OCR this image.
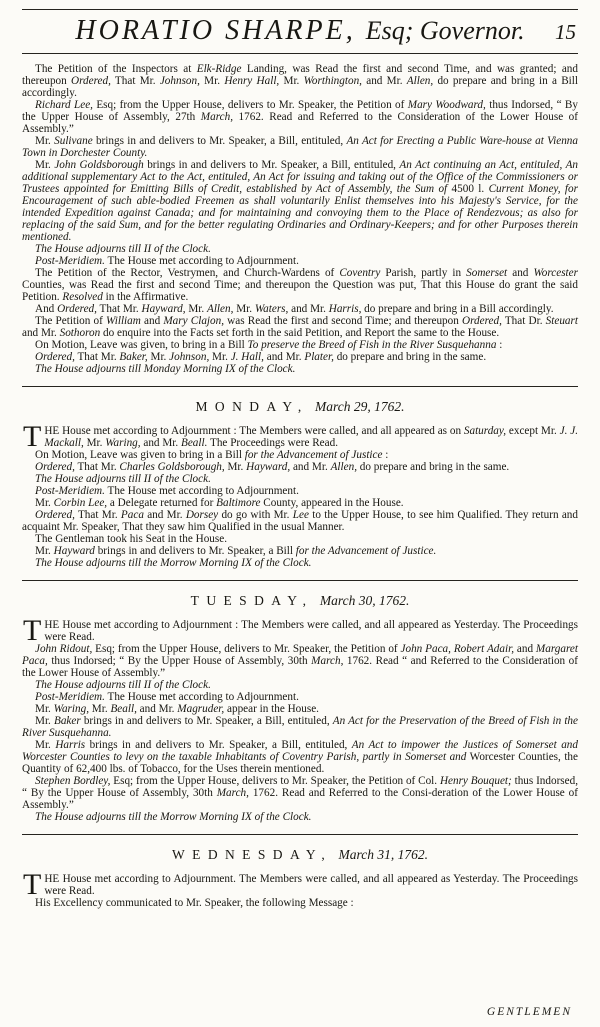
HORATIO SHARPE, Esq; Governor. 15

The Petition of the Inspectors at Elk-Ridge Landing, was Read the first and second Time, and was granted; and thereupon Ordered, That Mr. Johnson, Mr. Henry Hall, Mr. Worthington, and Mr. Allen, do prepare and bring in a Bill accordingly.

Richard Lee, Esq; from the Upper House, delivers to Mr. Speaker, the Petition of Mary Woodward, thus Indorsed, “ By the Upper House of Assembly, 27th March, 1762. Read and Referred to the Consideration of the Lower House of Assembly.”

Mr. Sulivane brings in and delivers to Mr. Speaker, a Bill, entituled, An Act for Erecting a Public Ware-house at Vienna Town in Dorchester County.

Mr. John Goldsborough brings in and delivers to Mr. Speaker, a Bill, entituled, An Act continuing an Act, entituled, An additional supplementary Act to the Act, entituled, An Act for issuing and taking out of the Office of the Commissioners or Trustees appointed for Emitting Bills of Credit, established by Act of Assembly, the Sum of 4500 l. Current Money, for Encouragement of such able-bodied Freemen as shall voluntarily Enlist themselves into his Majesty's Service, for the intended Expedition against Canada; and for maintaining and convoying them to the Place of Rendezvous; as also for replacing of the said Sum, and for the better regulating Ordinaries and Ordinary-Keepers; and for other Purposes therein mentioned.

The House adjourns till II of the Clock.

Post-Meridiem. The House met according to Adjournment.

The Petition of the Rector, Vestrymen, and Church-Wardens of Coventry Parish, partly in Somerset and Worcester Counties, was Read the first and second Time; and thereupon the Question was put, That this House do grant the said Petition. Resolved in the Affirmative.

And Ordered, That Mr. Hayward, Mr. Allen, Mr. Waters, and Mr. Harris, do prepare and bring in a Bill accordingly.

The Petition of William and Mary Clajon, was Read the first and second Time; and thereupon Ordered, That Dr. Steuart and Mr. Sothoron do enquire into the Facts set forth in the said Petition, and Report the same to the House.

On Motion, Leave was given, to bring in a Bill To preserve the Breed of Fish in the River Susquehanna :

Ordered, That Mr. Baker, Mr. Johnson, Mr. J. Hall, and Mr. Plater, do prepare and bring in the same.

The House adjourns till Monday Morning IX of the Clock.

MONDAY, March 29, 1762.

THE House met according to Adjournment : The Members were called, and all appeared as on Saturday, except Mr. J. J. Mackall, Mr. Waring, and Mr. Beall. The Proceedings were Read.

On Motion, Leave was given to bring in a Bill for the Advancement of Justice :

Ordered, That Mr. Charles Goldsborough, Mr. Hayward, and Mr. Allen, do prepare and bring in the same.

The House adjourns till II of the Clock.

Post-Meridiem. The House met according to Adjournment.

Mr. Corbin Lee, a Delegate returned for Baltimore County, appeared in the House.

Ordered, That Mr. Paca and Mr. Dorsey do go with Mr. Lee to the Upper House, to see him Qualified. They return and acquaint Mr. Speaker, That they saw him Qualified in the usual Manner.

The Gentleman took his Seat in the House.

Mr. Hayward brings in and delivers to Mr. Speaker, a Bill for the Advancement of Justice.

The House adjourns till the Morrow Morning IX of the Clock.

TUESDAY, March 30, 1762.

THE House met according to Adjournment : The Members were called, and all appeared as Yesterday. The Proceedings were Read.

John Ridout, Esq; from the Upper House, delivers to Mr. Speaker, the Petition of John Paca, Robert Adair, and Margaret Paca, thus Indorsed; “ By the Upper House of Assembly, 30th March, 1762. Read “ and Referred to the Consideration of the Lower House of Assembly.”

The House adjourns till II of the Clock.

Post-Meridiem. The House met according to Adjournment.

Mr. Waring, Mr. Beall, and Mr. Magruder, appear in the House.

Mr. Baker brings in and delivers to Mr. Speaker, a Bill, entituled, An Act for the Preservation of the Breed of Fish in the River Susquehanna.

Mr. Harris brings in and delivers to Mr. Speaker, a Bill, entituled, An Act to impower the Justices of Somerset and Worcester Counties to levy on the taxable Inhabitants of Coventry Parish, partly in Somerset and Worcester Counties, the Quantity of 62,400 lbs. of Tobacco, for the Uses therein mentioned.

Stephen Bordley, Esq; from the Upper House, delivers to Mr. Speaker, the Petition of Col. Henry Bouquet; thus Indorsed, “ By the Upper House of Assembly, 30th March, 1762. Read and Referred to the Consi-deration of the Lower House of Assembly.”

The House adjourns till the Morrow Morning IX of the Clock.

WEDNESDAY, March 31, 1762.

THE House met according to Adjournment. The Members were called, and all appeared as Yesterday. The Proceedings were Read.

His Excellency communicated to Mr. Speaker, the following Message :

GENTLEMEN
